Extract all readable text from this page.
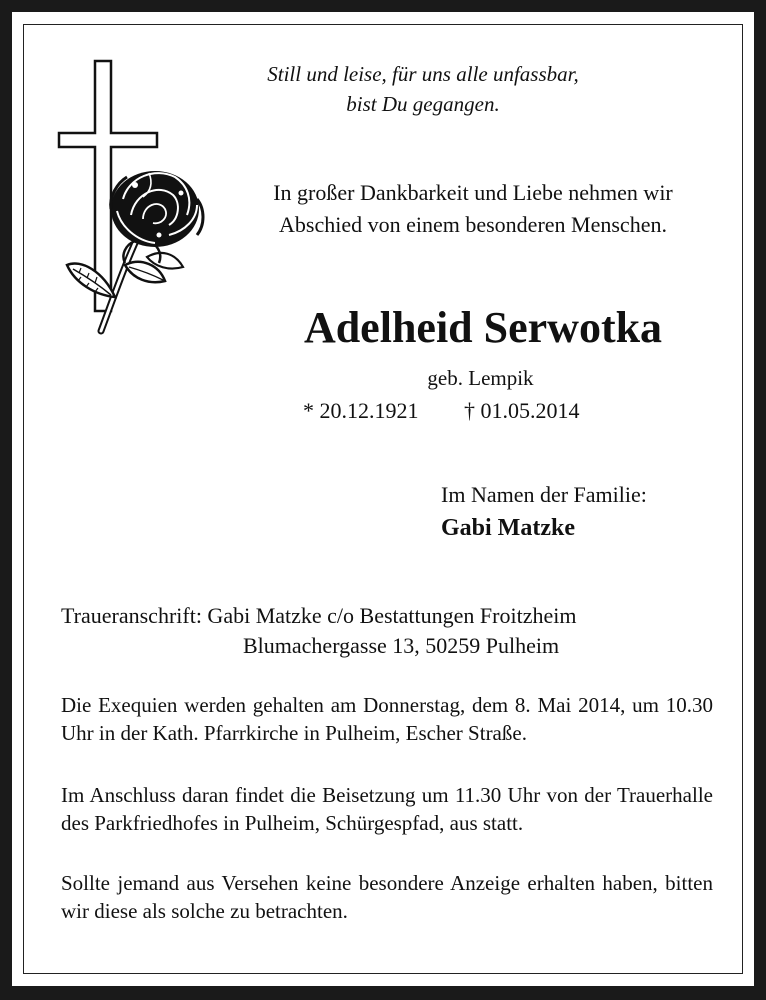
Still und leise, für uns alle unfassbar,
bist Du gegangen.

In großer Dankbarkeit und Liebe nehmen wir
Abschied von einem besonderen Menschen.

Adelheid Serwotka

geb. Lempik

* 20.12.1921 † 01.05.2014

Im Namen der Familie:

Gabi Matzke

Traueranschrift: Gabi Matzke c/o Bestattungen Froitzheim
Blumachergasse 13, 50259 Pulheim

Die Exequien werden gehalten am Donnerstag, dem 8. Mai 2014, um 10.30 Uhr in der Kath. Pfarrkirche in Pulheim, Escher Straße.

Im Anschluss daran findet die Beisetzung um 11.30 Uhr von der Trauerhalle des Parkfriedhofes in Pulheim, Schürgespfad, aus statt.

Sollte jemand aus Versehen keine besondere Anzeige erhalten haben, bitten wir diese als solche zu betrachten.
